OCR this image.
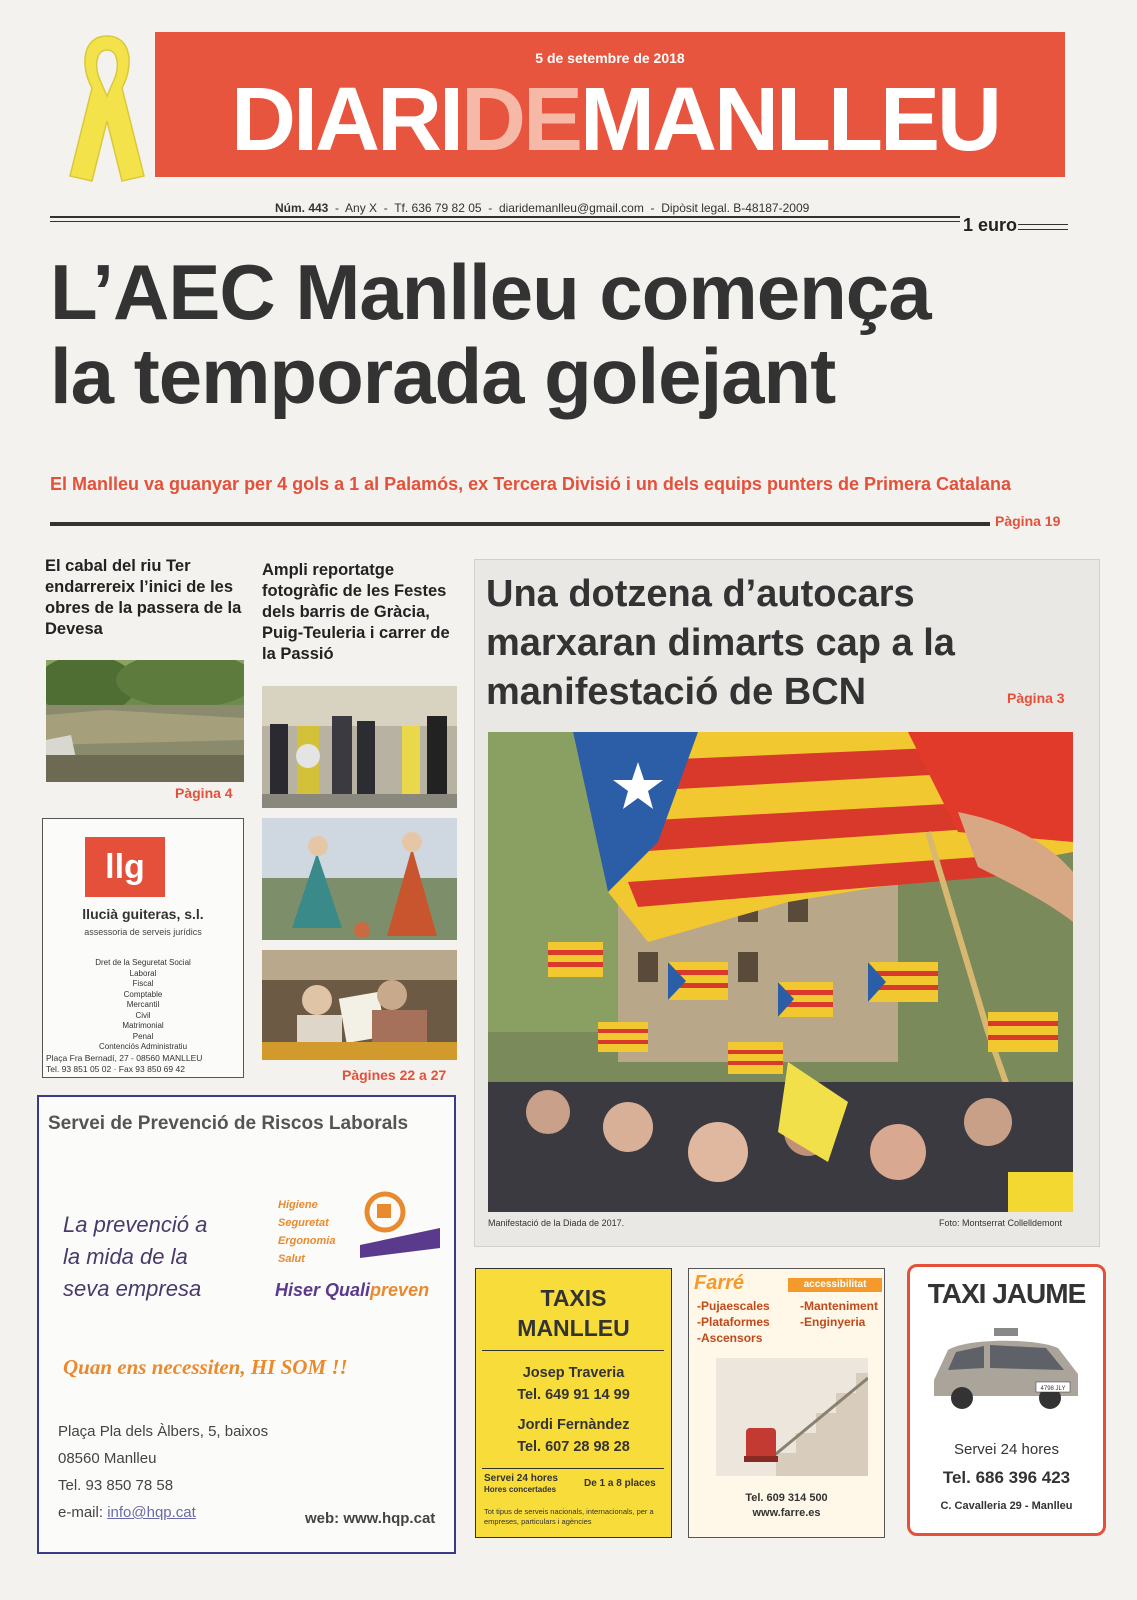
5 de setembre de 2018
DIARIDEMANLLEU
Núm. 443 - Any X  -  Tf. 636 79 82 05  -  diaridemanlleu@gmail.com  -  Dipòsit legal. B-48187-2009
1 euro
L’AEC Manlleu comença
la temporada golejant
El Manlleu va guanyar per 4 gols a 1 al Palamós, ex Tercera Divisió i un dels equips punters de Primera Catalana
Pàgina 19
El cabal del riu Ter endarrereix l’inici de les obres de la passera de la Devesa
Pàgina 4
Ampli reportatge fotogràfic de les Festes dels barris de Gràcia, Puig-Teuleria i carrer de la Passió
Pàgines 22 a 27
llg
llucià guiteras, s.l.
assessoria de serveis jurídics
Dret de la Seguretat Social
Laboral
Fiscal
Comptable
Mercantil
Civil
Matrimonial
Penal
Contenciós Administratiu
Plaça Fra Bernadí, 27 - 08560 MANLLEU
Tel. 93 851 05 02 · Fax 93 850 69 42
Servei de Prevenció de Riscos Laborals
La prevenció a
la mida de la
seva empresa
Higiene
Seguretat
Ergonomia
Salut
Hiser Qualipreven
Quan ens necessiten, HI SOM !!
Plaça Pla dels Àlbers, 5, baixos
08560 Manlleu
Tel. 93 850 78 58
e-mail: info@hqp.cat	web: www.hqp.cat
Una dotzena d’autocars marxaran dimarts cap a la manifestació de BCN	Pàgina 3
Manifestació de la Diada de 2017.	Foto: Montserrat Collelldemont
TAXIS
MANLLEU
Josep Traveria
Tel. 649 91 14 99
Jordi Fernàndez
Tel. 607 28 98 28
Servei 24 hores
Hores concertades
De 1 a 8 places
Tot tipus de serveis nacionals, internacionals, per a empreses, particulars i agències
Farré	accessibilitat
-Pujaescales
-Plataformes
-Ascensors
-Manteniment
-Enginyeria
Tel. 609 314 500
www.farre.es
TAXI JAUME
4798 JLY
Servei 24 hores
Tel. 686 396 423
C. Cavalleria 29 - Manlleu
